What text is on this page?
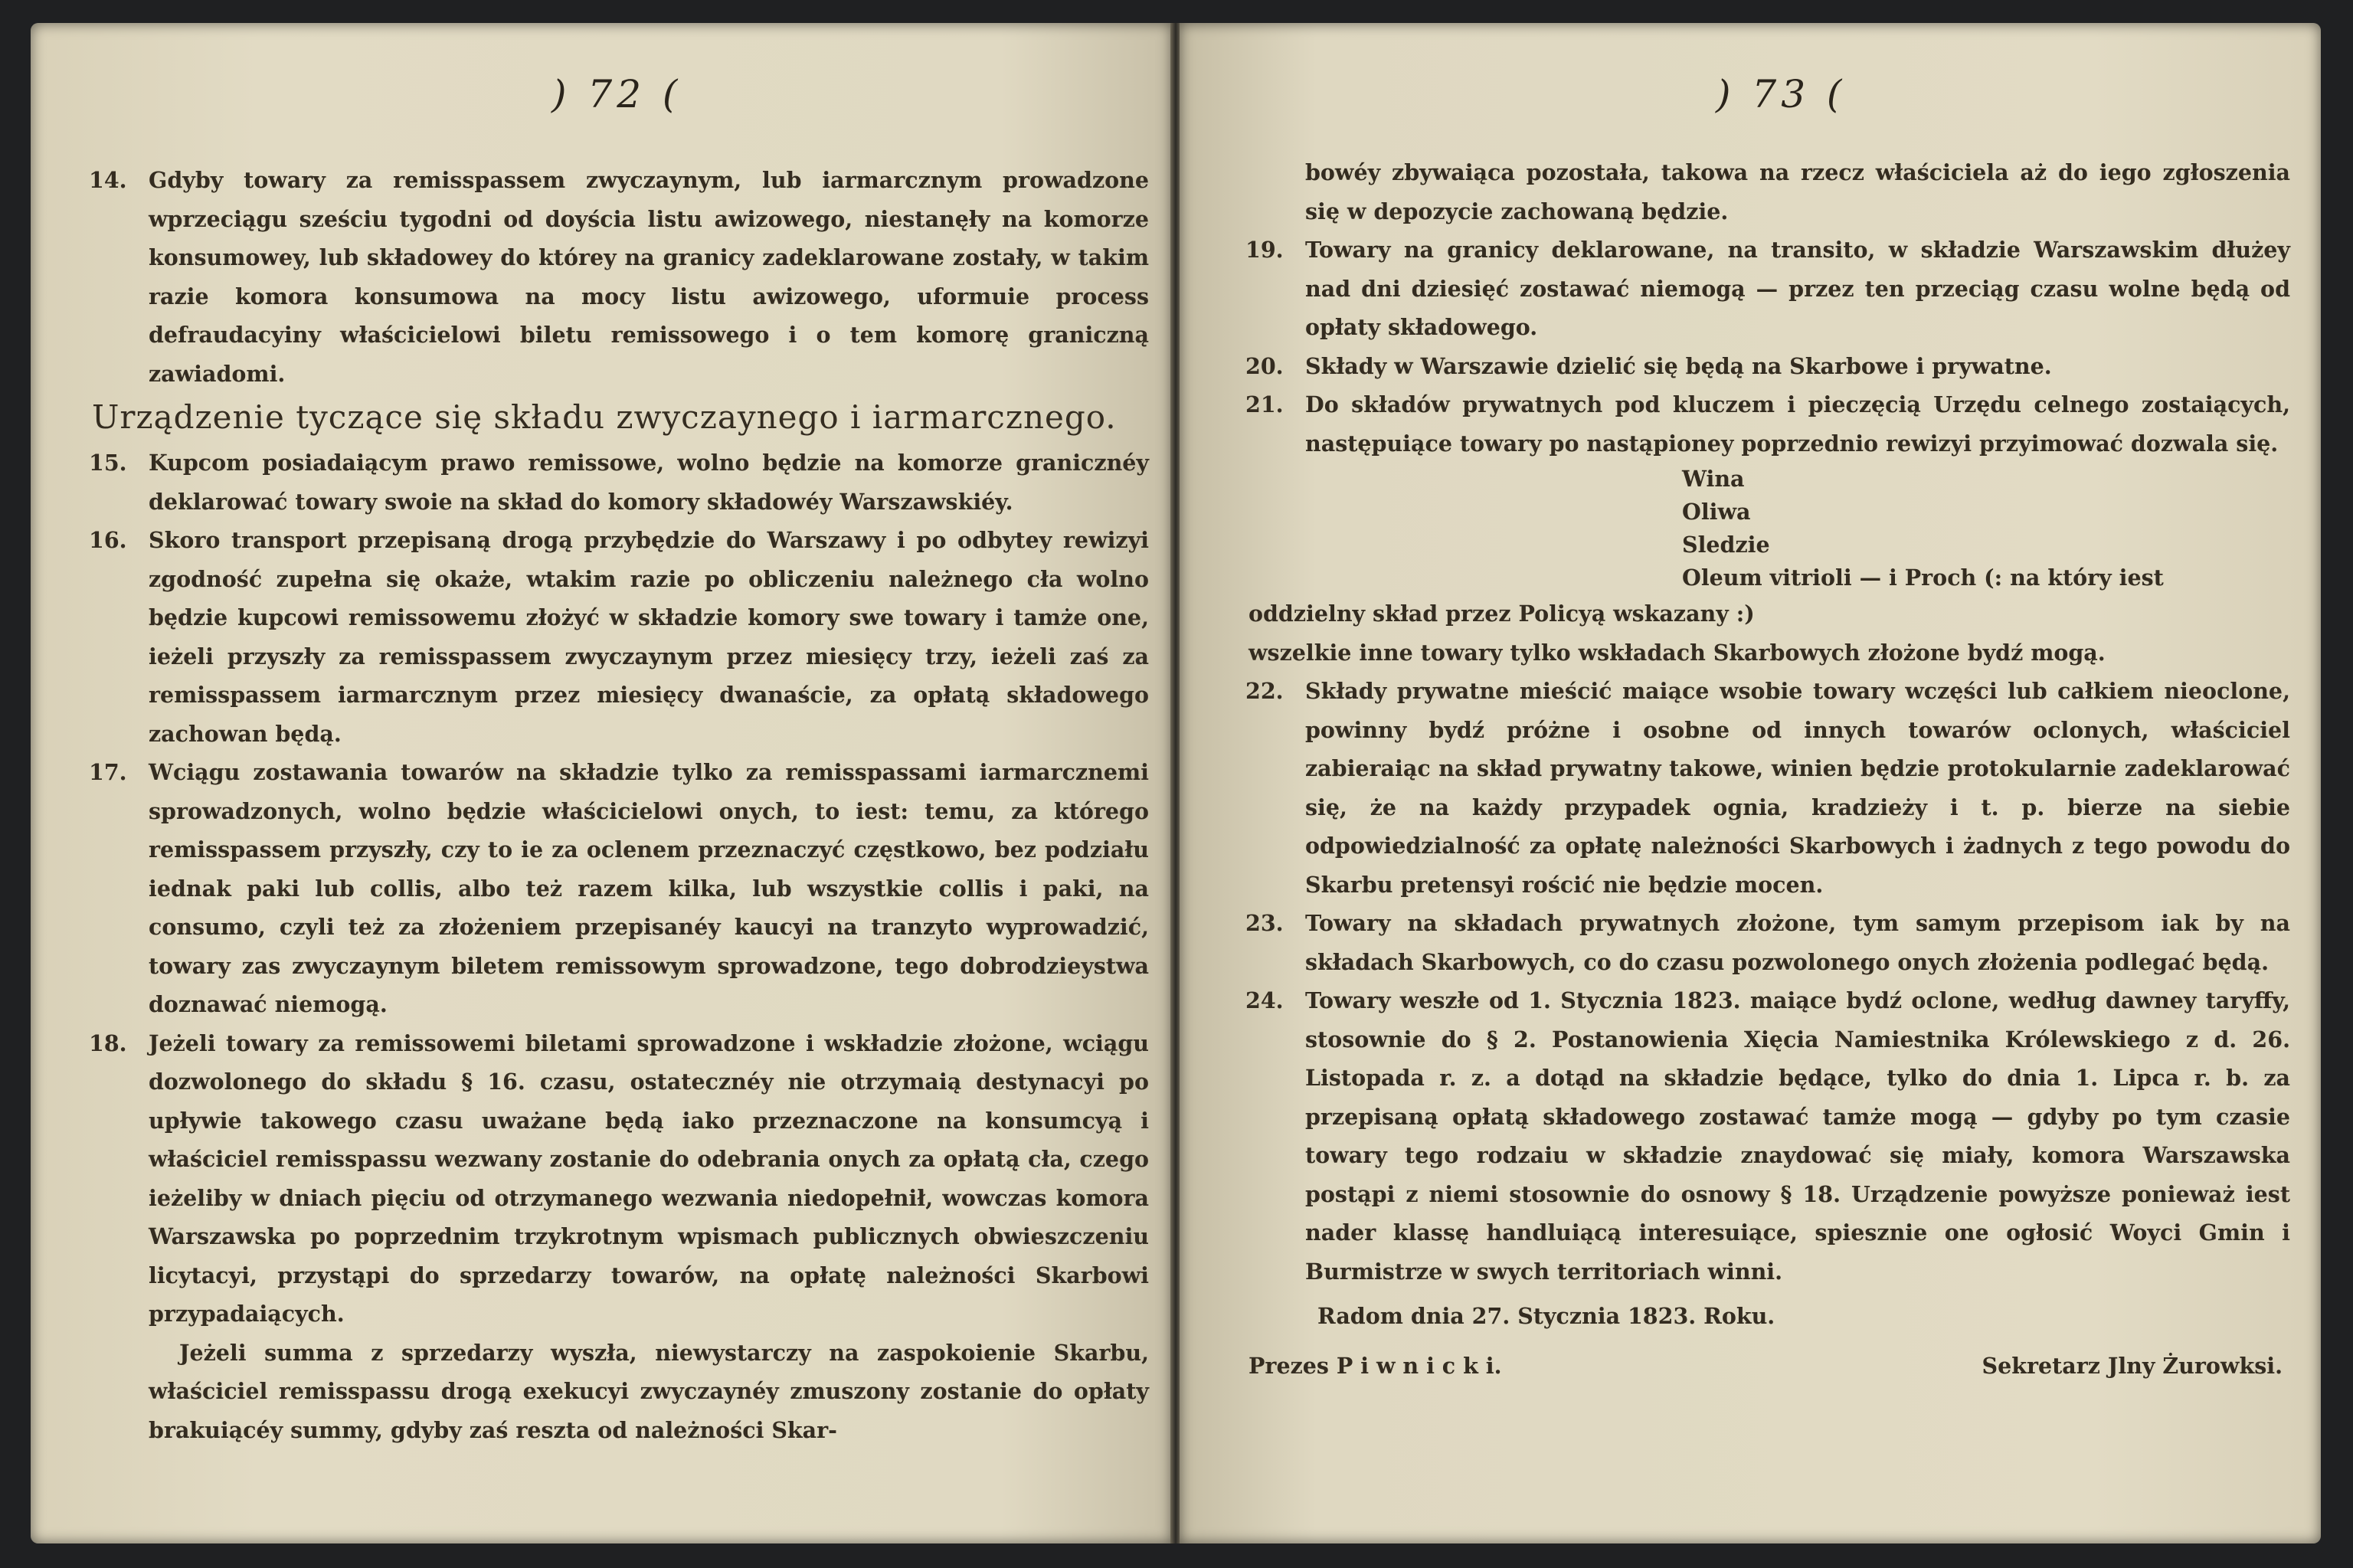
) 72 (

14. Gdyby towary za remisspassem zwyczaynym, lub iarmarcznym prowadzone wprzeciągu sześciu tygodni od doyścia listu awizowego, niestanęły na komorze konsumowey, lub składowey do którey na granicy zadeklarowane zostały, w takim razie komora konsumowa na mocy listu awizowego, uformuie process defraudacyiny właścicielowi biletu remissowego i o tem komorę graniczną zawiadomi.

Urządzenie tyczące się składu zwyczaynego i iarmarcznego.

15. Kupcom posiadaiącym prawo remissowe, wolno będzie na komorze granicznéy deklarować towary swoie na skład do komory składowéy Warszawskiéy.

16. Skoro transport przepisaną drogą przybędzie do Warszawy i po odbytey rewizyi zgodność zupełna się okaże, wtakim razie po obliczeniu należnego cła wolno będzie kupcowi remissowemu złożyć w składzie komory swe towary i tamże one, ieżeli przyszły za remisspassem zwyczaynym przez miesięcy trzy, ieżeli zaś za remisspassem iarmarcznym przez miesięcy dwanaście, za opłatą składowego zachowan będą.

17. Wciągu zostawania towarów na składzie tylko za remisspassami iarmarcznemi sprowadzonych, wolno będzie właścicielowi onych, to iest: temu, za którego remisspassem przyszły, czy to ie za oclenem przeznaczyć częstkowo, bez podziału iednak paki lub collis, albo też razem kilka, lub wszystkie collis i paki, na consumo, czyli też za złożeniem przepisanéy kaucyi na tranzyto wyprowadzić, towary zas zwyczaynym biletem remissowym sprowadzone, tego dobrodzieystwa doznawać niemogą.

18. Jeżeli towary za remissowemi biletami sprowadzone i wskładzie złożone, wciągu dozwolonego do składu § 16. czasu, ostatecznéy nie otrzymaią destynacyi po upływie takowego czasu uważane będą iako przeznaczone na konsumcyą i właściciel remisspassu wezwany zostanie do odebrania onych za opłatą cła, czego ieżeliby w dniach pięciu od otrzymanego wezwania niedopełnił, wowczas komora Warszawska po poprzednim trzykrotnym wpismach publicznych obwieszczeniu licytacyi, przystąpi do sprzedarzy towarów, na opłatę należności Skarbowi przypadaiących.

Jeżeli summa z sprzedarzy wyszła, niewystarczy na zaspokoienie Skarbu, właściciel remisspassu drogą exekucyi zwyczaynéy zmuszony zostanie do opłaty brakuiącéy summy, gdyby zaś reszta od należności Skar-

) 73 (

bowéy zbywaiąca pozostała, takowa na rzecz właściciela aż do iego zgłoszenia się w depozycie zachowaną będzie.

19. Towary na granicy deklarowane, na transito, w składzie Warszawskim dłużey nad dni dziesięć zostawać niemogą — przez ten przeciąg czasu wolne będą od opłaty składowego.

20. Składy w Warszawie dzielić się będą na Skarbowe i prywatne.

21. Do składów prywatnych pod kluczem i pieczęcią Urzędu celnego zostaiących, następuiące towary po nastąpioney poprzednio rewizyi przyimować dozwala się.

Wina
Oliwa
Sledzie
Oleum vitrioli — i Proch (: na który iest

oddzielny skład przez Policyą wskazany :)

wszelkie inne towary tylko wskładach Skarbowych złożone bydź mogą.

22. Składy prywatne mieścić maiące wsobie towary wczęści lub całkiem nieoclone, powinny bydź próżne i osobne od innych towarów oclonych, właściciel zabieraiąc na skład prywatny takowe, winien będzie protokularnie zadeklarować się, że na każdy przypadek ognia, kradzieży i t. p. bierze na siebie odpowiedzialność za opłatę należności Skarbowych i żadnych z tego powodu do Skarbu pretensyi rościć nie będzie mocen.

23. Towary na składach prywatnych złożone, tym samym przepisom iak by na składach Skarbowych, co do czasu pozwolonego onych złożenia podlegać będą.

24. Towary weszłe od 1. Stycznia 1823. maiące bydź oclone, według dawney taryffy, stosownie do § 2. Postanowienia Xięcia Namiestnika Królewskiego z d. 26. Listopada r. z. a dotąd na składzie będące, tylko do dnia 1. Lipca r. b. za przepisaną opłatą składowego zostawać tamże mogą — gdyby po tym czasie towary tego rodzaiu w składzie znaydować się miały, komora Warszawska postąpi z niemi stosownie do osnowy § 18. Urządzenie powyższe ponieważ iest nader klassę handluiącą interesuiące, spiesznie one ogłosić Woyci Gmin i Burmistrze w swych territoriach winni.

Radom dnia 27. Stycznia 1823. Roku.

Prezes P i w n i c k i.	Sekretarz Jlny Żurowksi.
